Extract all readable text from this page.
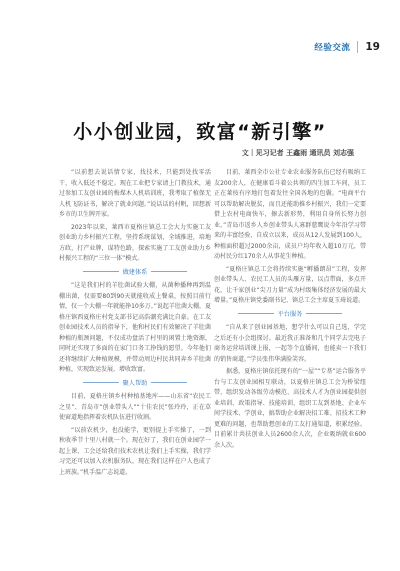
经验交流 19
小小创业园，致富“新引擎”
文｜见习记者 王鑫雨 通讯员 刘志强

“以前想去说话情专家，找技术，只能到处找零活干，收入低还不稳定。现在工业把专家请上门教技术，通过参加工友创业园的梅煤木人机培训班，我考取了植保无人机飞防证书，解决了就业问题。”说话话的村帆，回想新乡市的卫生牌开家。

2023年以来，莱西市夏格庄镇总工会大力实施工友创业助力乡村振兴工程，坚持系统谋划，全域推进，培地方政，打产业牌，谋特色路，探索实施了工友创业助力乡村振兴工程的“三位一体”模式。

做建体系

“这是我们村的羊肚菌试验大棚，从菌种播种再到温棚出菌，仅需要80到90天就能收成上餐桌，按照目前行情，仅一个大棚一年就能挣10多万。”说起羊肚菌大棚，夏格庄镇西夏格庄村党支部书记高浩潮充满比自豪。在工友创业园技术人员的指导下，他和村民们有效解决了羊肚菌种植的瓶颈问题，不仅成功盘活了村里的闲置土地资源，同时还实现了多面的在家门口务工挣钱的愿望。今年他们还将继续扩大种植规模，并带动周边村民共同奔乡羊肚菌种植，实现致运发展，增收致富。

聚人帮助

目前，夏格庄镇乡村种植基地库——山东省“农民工之星”、青岛市“创业带头人”“十佳农民”张玲玲，正在草使窗道地指挥着农机队伍进行收割。

“以前农机少，也没能学，更别提上手实操了，一到秋收季节十里八村就一个。现在好了，我们在创业园学一起上课，工会还给我们技术农机让我们上手实操，我们学习完还可以加入农机服务队，现在我们这样在户人也成了上班族。”机手温广志说道。

目前，莱西全市公社专业农业服务队伍已经有吸纳工友200余人，在健康看斗着公共领的四生加工车间，员工正在莱按有序地打包着发往全国各地的包囊。“电商平台可以帮助解决脱贫，而且还能助推乡村振兴，我们一定要借上农村电商快车，擦去新形势，利用自身所长努力创业。”青岛市返乡人乡创业带头人寡群慈鹰说今年沿学习带来的丰富经验，自成立以来，成员从12人发展到100人，种植面积超过2000余亩，成员户均年收入超10万元，带动村民分红170余人从事花生种植。

“夏格庄镇总工会将持续实施“孵播朗昂”工程，发挥创业带头人、农民工人员的头雁方量，以点带面，多点开花，让千家创业“尖刀力量”成为村级集体经济发展的最大增量。”夏格庄镇党委副书记、镇总工会主席夏玉琦说道。

平台服务

“自从来了创业园基地，想学什么可以自己选，学完之后还有小会组探讨。最近我正准备和几个同学去完电子商务运营培训课上报，一起等个直播间，也能卖一下我们的销售商道。”学员张伟华满脸笑容。

据悉，夏格庄镇依托现有的“一屋”“专基”运合服务平台与工友创业园相互联动，以夏格庄镇总工会为桥梁纽带，组织发动各级劳动模范、高技术人才为创业园提供创业培训、政策指导、技能培训、组织工友到基地、企业车间学技术、学创业，搞帮助企业解决招工难、招技术工种更难的问题，也帮助想创业的工友打通渠道，积累经验。目前累计共扶创业人员2600余人次，企业吸纳就业600余人次。
